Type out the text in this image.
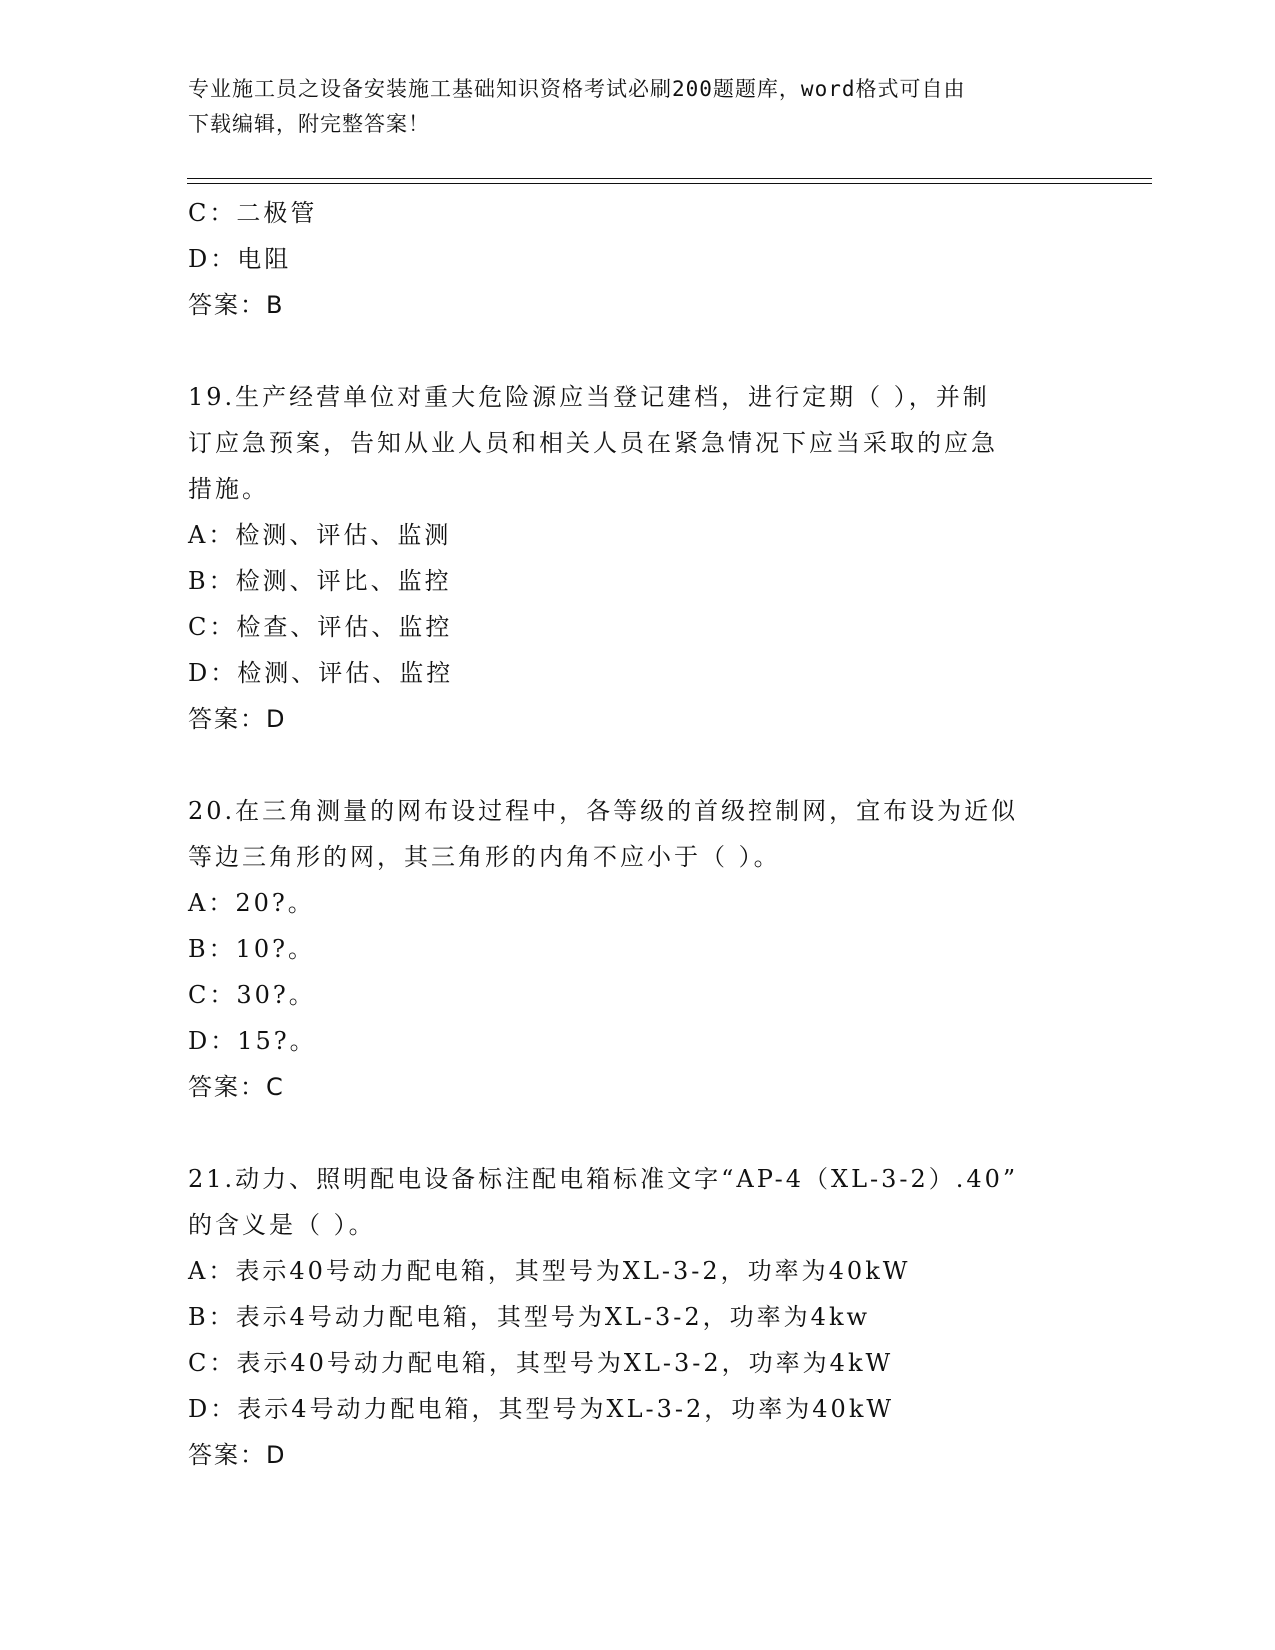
专业施工员之设备安装施工基础知识资格考试必刷200题题库，word格式可自由
下载编辑，附完整答案！
C：二极管
D：电阻
答案：B
19.生产经营单位对重大危险源应当登记建档，进行定期（ ），并制
订应急预案，告知从业人员和相关人员在紧急情况下应当采取的应急
措施。
A：检测、评估、监测
B：检测、评比、监控
C：检查、评估、监控
D：检测、评估、监控
答案：D
20.在三角测量的网布设过程中，各等级的首级控制网，宜布设为近似
等边三角形的网，其三角形的内角不应小于（ ）。
A：20?。
B：10?。
C：30?。
D：15?。
答案：C
21.动力、照明配电设备标注配电箱标准文字“AP-4（XL-3-2）.40”
的含义是（ ）。
A：表示40号动力配电箱，其型号为XL-3-2，功率为40kW
B：表示4号动力配电箱，其型号为XL-3-2，功率为4kw
C：表示40号动力配电箱，其型号为XL-3-2，功率为4kW
D：表示4号动力配电箱，其型号为XL-3-2，功率为40kW
答案：D
